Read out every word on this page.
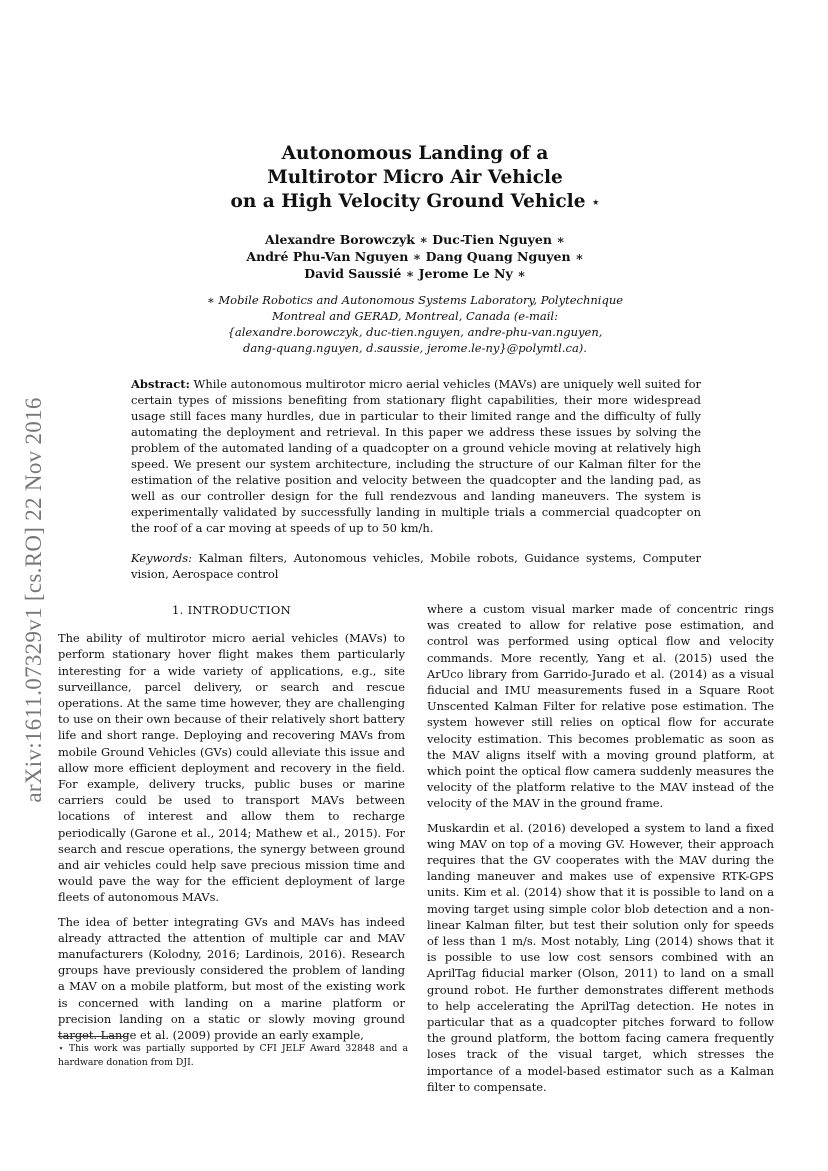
arXiv:1611.07329v1 [cs.RO] 22 Nov 2016
Autonomous Landing of a
Multirotor Micro Air Vehicle
on a High Velocity Ground Vehicle ⋆
Alexandre Borowczyk ∗ Duc-Tien Nguyen ∗
André Phu-Van Nguyen ∗ Dang Quang Nguyen ∗
David Saussié ∗ Jerome Le Ny ∗
∗ Mobile Robotics and Autonomous Systems Laboratory, Polytechnique
Montreal and GERAD, Montreal, Canada (e-mail:
{alexandre.borowczyk, duc-tien.nguyen, andre-phu-van.nguyen,
dang-quang.nguyen, d.saussie, jerome.le-ny}@polymtl.ca).
Abstract: While autonomous multirotor micro aerial vehicles (MAVs) are uniquely well suited for certain types of missions benefiting from stationary flight capabilities, their more widespread usage still faces many hurdles, due in particular to their limited range and the difficulty of fully automating the deployment and retrieval. In this paper we address these issues by solving the problem of the automated landing of a quadcopter on a ground vehicle moving at relatively high speed. We present our system architecture, including the structure of our Kalman filter for the estimation of the relative position and velocity between the quadcopter and the landing pad, as well as our controller design for the full rendezvous and landing maneuvers. The system is experimentally validated by successfully landing in multiple trials a commercial quadcopter on the roof of a car moving at speeds of up to 50 km/h.
Keywords: Kalman filters, Autonomous vehicles, Mobile robots, Guidance systems, Computer vision, Aerospace control
1. INTRODUCTION

The ability of multirotor micro aerial vehicles (MAVs) to perform stationary hover flight makes them particularly interesting for a wide variety of applications, e.g., site surveillance, parcel delivery, or search and rescue operations. At the same time however, they are challenging to use on their own because of their relatively short battery life and short range. Deploying and recovering MAVs from mobile Ground Vehicles (GVs) could alleviate this issue and allow more efficient deployment and recovery in the field. For example, delivery trucks, public buses or marine carriers could be used to transport MAVs between locations of interest and allow them to recharge periodically (Garone et al., 2014; Mathew et al., 2015). For search and rescue operations, the synergy between ground and air vehicles could help save precious mission time and would pave the way for the efficient deployment of large fleets of autonomous MAVs.

The idea of better integrating GVs and MAVs has indeed already attracted the attention of multiple car and MAV manufacturers (Kolodny, 2016; Lardinois, 2016). Research groups have previously considered the problem of landing a MAV on a mobile platform, but most of the existing work is concerned with landing on a marine platform or precision landing on a static or slowly moving ground target. Lange et al. (2009) provide an early example,

where a custom visual marker made of concentric rings was created to allow for relative pose estimation, and control was performed using optical flow and velocity commands. More recently, Yang et al. (2015) used the ArUco library from Garrido-Jurado et al. (2014) as a visual fiducial and IMU measurements fused in a Square Root Unscented Kalman Filter for relative pose estimation. The system however still relies on optical flow for accurate velocity estimation. This becomes problematic as soon as the MAV aligns itself with a moving ground platform, at which point the optical flow camera suddenly measures the velocity of the platform relative to the MAV instead of the velocity of the MAV in the ground frame.

Muskardin et al. (2016) developed a system to land a fixed wing MAV on top of a moving GV. However, their approach requires that the GV cooperates with the MAV during the landing maneuver and makes use of expensive RTK-GPS units. Kim et al. (2014) show that it is possible to land on a moving target using simple color blob detection and a non-linear Kalman filter, but test their solution only for speeds of less than 1 m/s. Most notably, Ling (2014) shows that it is possible to use low cost sensors combined with an AprilTag fiducial marker (Olson, 2011) to land on a small ground robot. He further demonstrates different methods to help accelerating the AprilTag detection. He notes in particular that as a quadcopter pitches forward to follow the ground platform, the bottom facing camera frequently loses track of the visual target, which stresses the importance of a model-based estimator such as a Kalman filter to compensate.

⋆ This work was partially supported by CFI JELF Award 32848 and a hardware donation from DJI.
